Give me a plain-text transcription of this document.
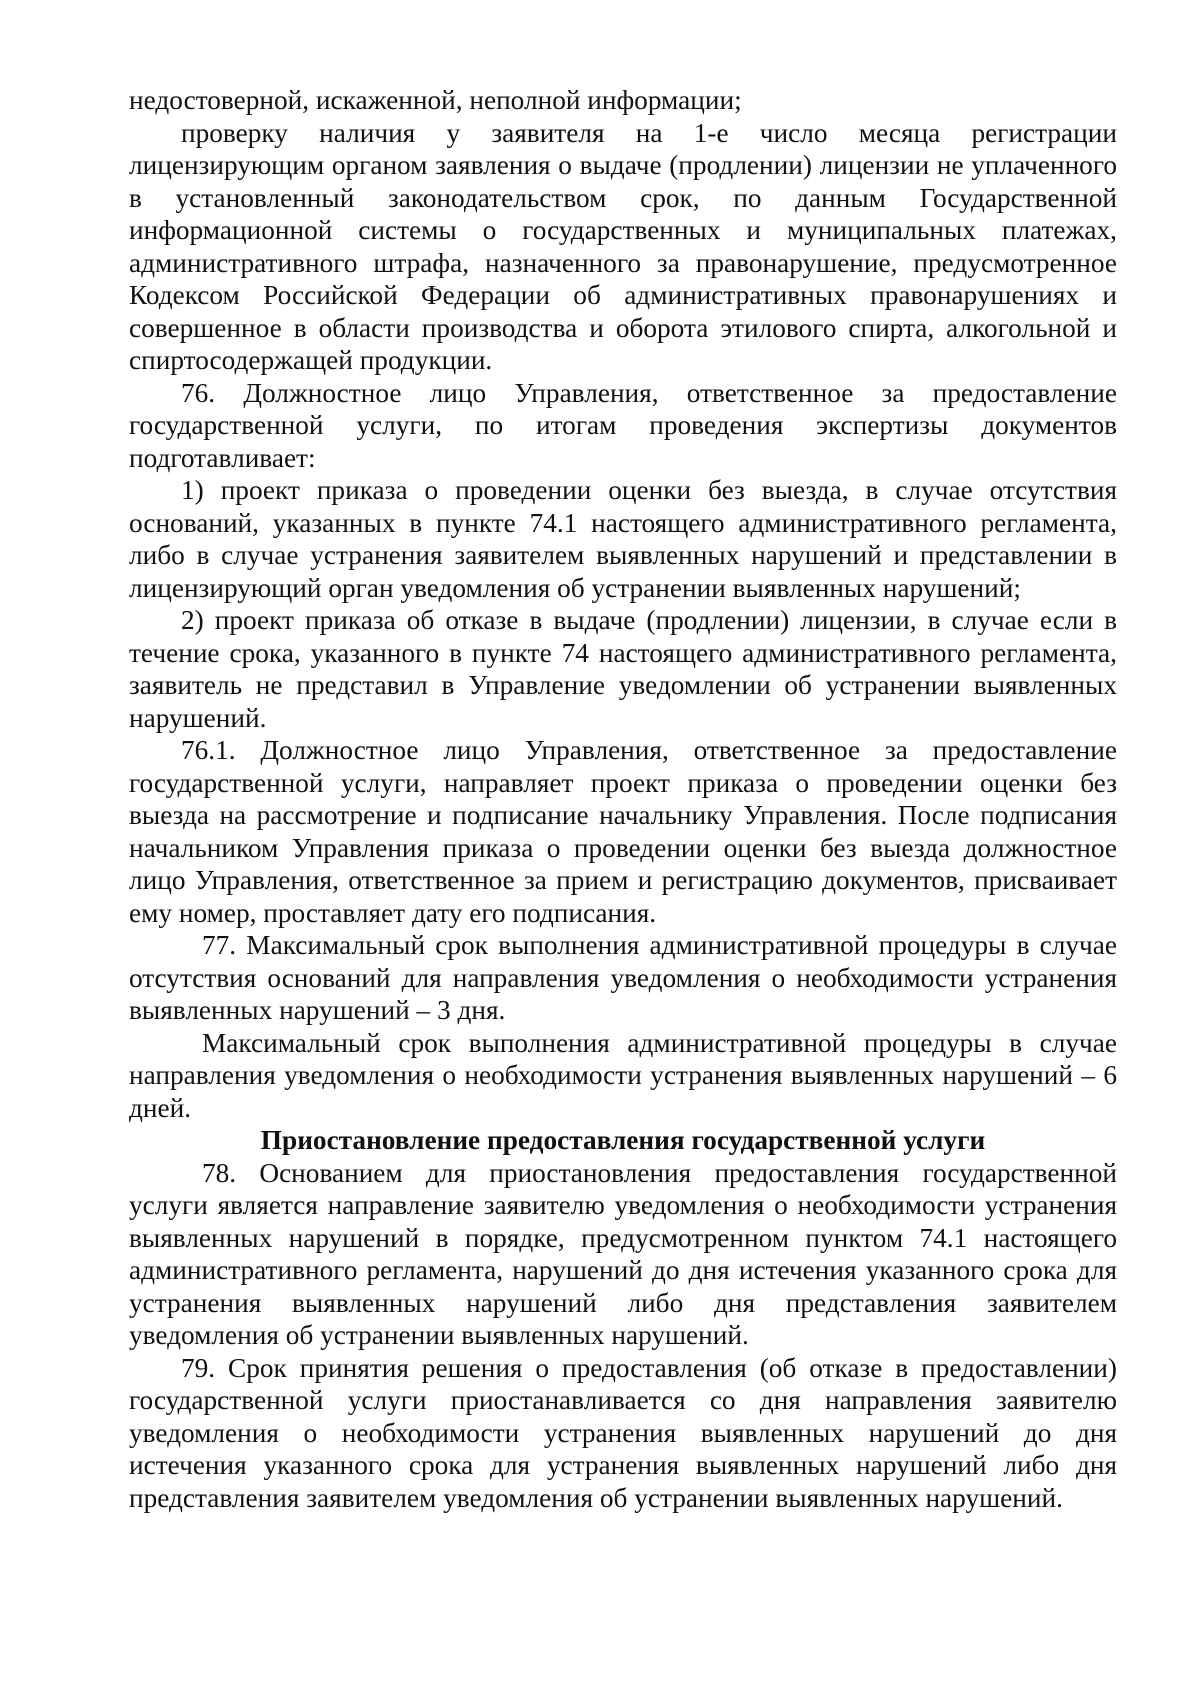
недостоверной, искаженной, неполной информации;

проверку наличия у заявителя на 1-е число месяца регистрации лицензирующим органом заявления о выдаче (продлении) лицензии не уплаченного в установленный законодательством срок, по данным Государственной информационной системы о государственных и муниципальных платежах, административного штрафа, назначенного за правонарушение, предусмотренное Кодексом Российской Федерации об административных правонарушениях и совершенное в области производства и оборота этилового спирта, алкогольной и спиртосодержащей продукции.

76. Должностное лицо Управления, ответственное за предоставление государственной услуги, по итогам проведения экспертизы документов подготавливает:

1) проект приказа о проведении оценки без выезда, в случае отсутствия оснований, указанных в пункте 74.1 настоящего административного регламента, либо в случае устранения заявителем выявленных нарушений и представлении в лицензирующий орган уведомления об устранении выявленных нарушений;

2) проект приказа об отказе в выдаче (продлении) лицензии, в случае если в течение срока, указанного в пункте 74 настоящего административного регламента, заявитель не представил в Управление уведомлении об устранении выявленных нарушений.

76.1. Должностное лицо Управления, ответственное за предоставление государственной услуги, направляет проект приказа о проведении оценки без выезда на рассмотрение и подписание начальнику Управления. После подписания начальником Управления приказа о проведении оценки без выезда должностное лицо Управления, ответственное за прием и регистрацию документов, присваивает ему номер, проставляет дату его подписания.

77. Максимальный срок выполнения административной процедуры в случае отсутствия оснований для направления уведомления о необходимости устранения выявленных нарушений – 3 дня.

Максимальный срок выполнения административной процедуры в случае направления уведомления о необходимости устранения выявленных нарушений – 6 дней.

Приостановление предоставления государственной услуги

78. Основанием для приостановления предоставления государственной услуги является направление заявителю уведомления о необходимости устранения выявленных нарушений в порядке, предусмотренном пунктом 74.1 настоящего административного регламента, нарушений до дня истечения указанного срока для устранения выявленных нарушений либо дня представления заявителем уведомления об устранении выявленных нарушений.

79. Срок принятия решения о предоставления (об отказе в предоставлении) государственной услуги приостанавливается со дня направления заявителю уведомления о необходимости устранения выявленных нарушений до дня истечения указанного срока для устранения выявленных нарушений либо дня представления заявителем уведомления об устранении выявленных нарушений.
